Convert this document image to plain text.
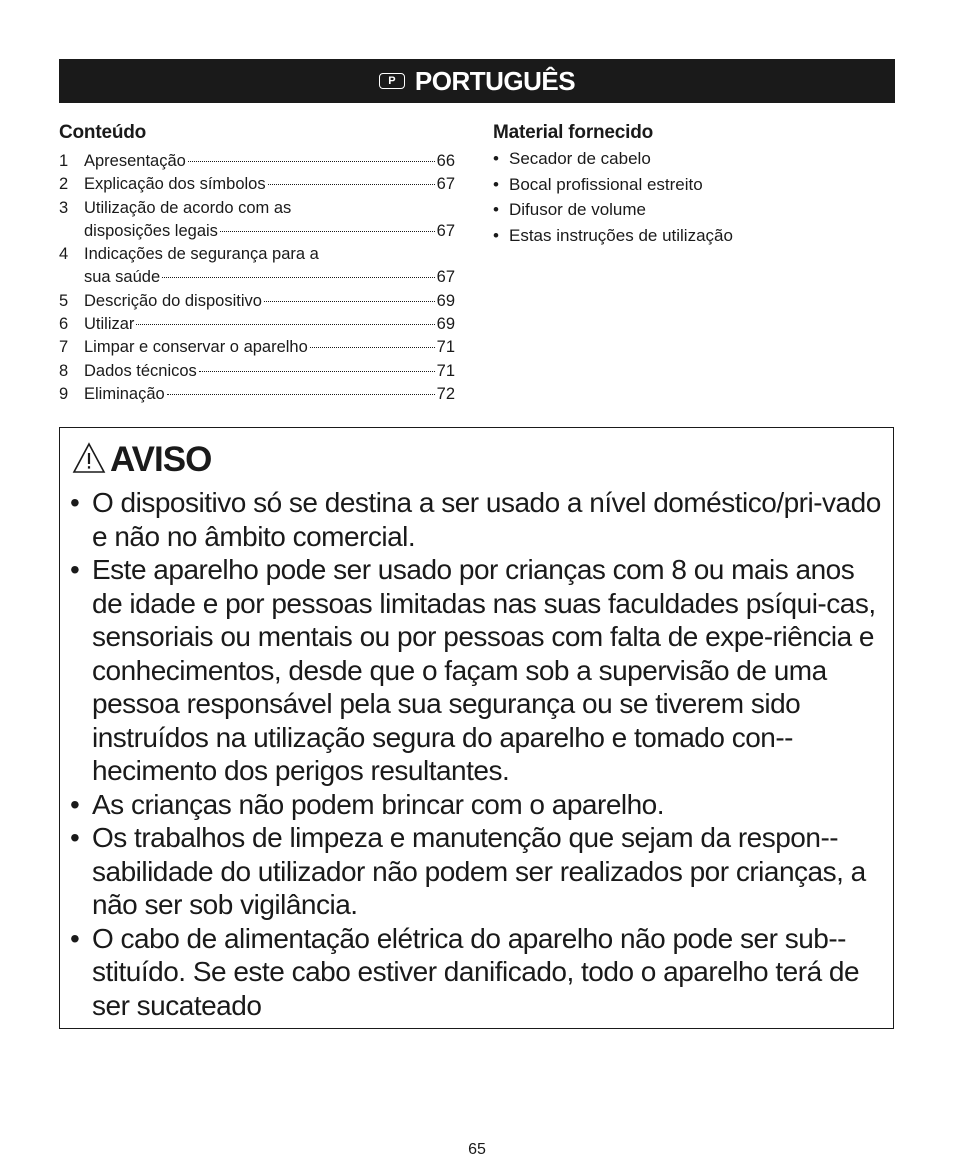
P PORTUGUÊS
Conteúdo
1 Apresentação	66
2 Explicação dos símbolos	67
3 Utilização de acordo com as
disposições legais	67
4 Indicações de segurança para a
sua saúde	67
5 Descrição do dispositivo	69
6 Utilizar	69
7 Limpar e conservar o aparelho	71
8 Dados técnicos	71
9 Eliminação	72
Material fornecido
• Secador de cabelo
• Bocal profissional estreito
• Difusor de volume
• Estas instruções de utilização
AVISO
• O dispositivo só se destina a ser usado a nível doméstico/pri-vado e não no âmbito comercial.
• Este aparelho pode ser usado por crianças com 8 ou mais anos de idade e por pessoas limitadas nas suas faculdades psíqui-cas, sensoriais ou mentais ou por pessoas com falta de expe-riência e conhecimentos, desde que o façam sob a supervisão de uma pessoa responsável pela sua segurança ou se tiverem sido instruídos na utilização segura do aparelho e tomado con-hecimento dos perigos resultantes.
• As crianças não podem brincar com o aparelho.
• Os trabalhos de limpeza e manutenção que sejam da respon-sabilidade do utilizador não podem ser realizados por crianças, a não ser sob vigilância.
• O cabo de alimentação elétrica do aparelho não pode ser sub-stituído. Se este cabo estiver danificado, todo o aparelho terá de ser sucateado
65
